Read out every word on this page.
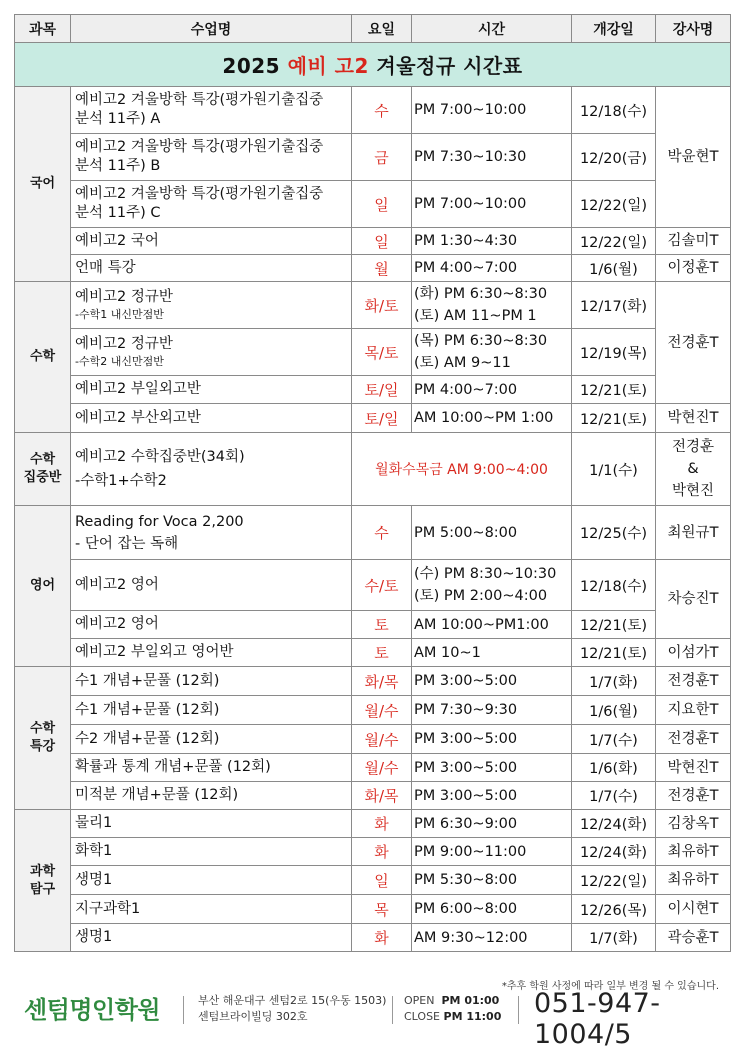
2025 예비 고2 겨울정규 시간표					
과목	수업명	요일	시간	개강일	강사명
국어	예비고2 겨울방학 특강(평가원기출집중
분석 11주) A	수	PM 7:00~10:00	12/18(수)	박윤현T
	예비고2 겨울방학 특강(평가원기출집중
분석 11주) B	금	PM 7:30~10:30	12/20(금)	
	예비고2 겨울방학 특강(평가원기출집중
분석 11주) C	일	PM 7:00~10:00	12/22(일)	
	예비고2 국어	일	PM 1:30~4:30	12/22(일)	김솔미T
	언매 특강	월	PM 4:00~7:00	1/6(월)	이정훈T
수학	예비고2 정규반
-수학1 내신만점반	화/토	(화) PM 6:30~8:30
(토) AM 11~PM 1	12/17(화)	전경훈T
	예비고2 정규반
-수학2 내신만점반	목/토	(목) PM 6:30~8:30
(토) AM 9~11	12/19(목)	
	예비고2 부일외고반	토/일	PM 4:00~7:00	12/21(토)	
	에비고2 부산외고반	토/일	AM 10:00~PM 1:00	12/21(토)	박현진T
수학
집중반	예비고2 수학집중반(34회)
-수학1+수학2	월화수목금 AM 9:00~4:00		1/1(수)	전경훈
&
박현진
영어	Reading for Voca 2,200
- 단어 잡는 독해	수	PM 5:00~8:00	12/25(수)	최원규T
	예비고2 영어	수/토	(수) PM 8:30~10:30
(토) PM 2:00~4:00	12/18(수)	차승진T
	예비고2 영어	토	AM 10:00~PM1:00	12/21(토)	
	예비고2 부일외고 영어반	토	AM 10~1	12/21(토)	이섬가T
수학
특강	수1 개념+문풀 (12회)	화/목	PM 3:00~5:00	1/7(화)	전경훈T
	수1 개념+문풀 (12회)	월/수	PM 7:30~9:30	1/6(월)	지요한T
	수2 개념+문풀 (12회)	월/수	PM 3:00~5:00	1/7(수)	전경훈T
	확률과 통계 개념+문풀 (12회)	월/수	PM 3:00~5:00	1/6(화)	박현진T
	미적분 개념+문풀 (12회)	화/목	PM 3:00~5:00	1/7(수)	전경훈T
과학
탐구	물리1	화	PM 6:30~9:00	12/24(화)	김창옥T
	화학1	화	PM 9:00~11:00	12/24(화)	최유하T
	생명1	일	PM 5:30~8:00	12/22(일)	최유하T
	지구과학1	목	PM 6:00~8:00	12/26(목)	이시현T
	생명1	화	AM 9:30~12:00	1/7(화)	곽승훈T
*추후 학원 사정에 따라 일부 변경 될 수 있습니다.
센텀명인학원	부산 해운대구 센텀2로 15(우동 1503)
센텀브라이빌딩 302호
OPEN PM 01:00
CLOSE PM 11:00 051-947-1004/5
